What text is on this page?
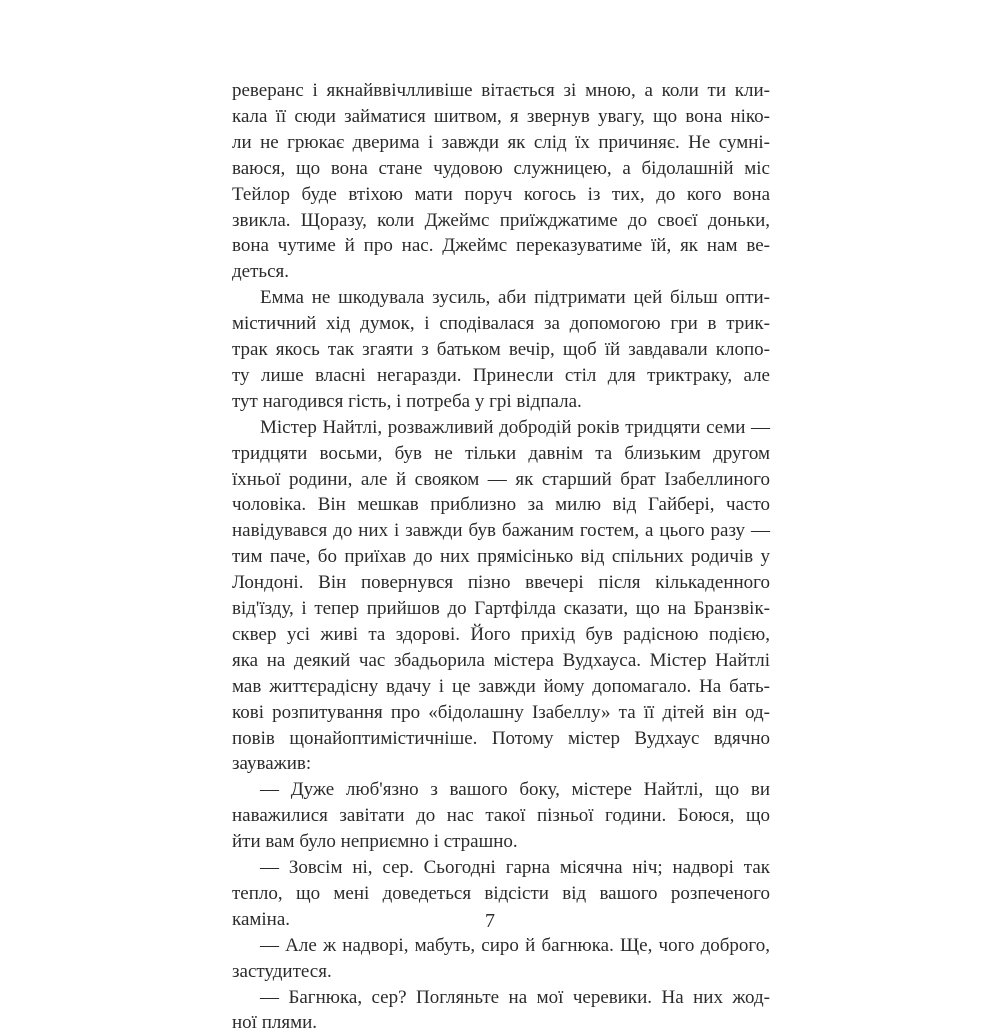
реверанс і якнайввічлливіше вітається зі мною, а коли ти кли-
кала її сюди займатися шитвом, я звернув увагу, що вона ніко-
ли не грюкає дверима і завжди як слід їх причиняє. Не сумні-
ваюся, що вона стане чудовою служницею, а бідолашній міс
Тейлор буде втіхою мати поруч когось із тих, до кого вона
звикла. Щоразу, коли Джеймс приїжджатиме до своєї доньки,
вона чутиме й про нас. Джеймс переказуватиме їй, як нам ве-
деться.
Емма не шкодувала зусиль, аби підтримати цей більш опти-
містичний хід думок, і сподівалася за допомогою гри в трик-
трак якось так згаяти з батьком вечір, щоб їй завдавали клопо-
ту лише власні негаразди. Принесли стіл для триктраку, але
тут нагодився гість, і потреба у грі відпала.
Містер Найтлі, розважливий добродій років тридцяти семи —
тридцяти восьми, був не тільки давнім та близьким другом
їхньої родини, але й свояком — як старший брат Ізабеллиного
чоловіка. Він мешкав приблизно за милю від Гайбері, часто
навідувався до них і завжди був бажаним гостем, а цього разу —
тим паче, бо приїхав до них прямісінько від спільних родичів у
Лондоні. Він повернувся пізно ввечері після кількаденного
від'їзду, і тепер прийшов до Гартфілда сказати, що на Бранзвік-
сквер усі живі та здорові. Його прихід був радісною подією,
яка на деякий час збадьорила містера Вудхауса. Містер Найтлі
мав життєрадісну вдачу і це завжди йому допомагало. На бать-
кові розпитування про «бідолашну Ізабеллу» та її дітей він од-
повів щонайоптимістичніше. Потому містер Вудхаус вдячно
зауважив:
— Дуже люб'язно з вашого боку, містере Найтлі, що ви
наважилися завітати до нас такої пізньої години. Боюся, що
йти вам було неприємно і страшно.
— Зовсім ні, сер. Сьогодні гарна місячна ніч; надворі так
тепло, що мені доведеться відсісти від вашого розпеченого
каміна.
— Але ж надворі, мабуть, сиро й багнюка. Ще, чого доброго,
застудитеся.
— Багнюка, сер? Погляньте на мої черевики. На них жод-
ної плями.
7
